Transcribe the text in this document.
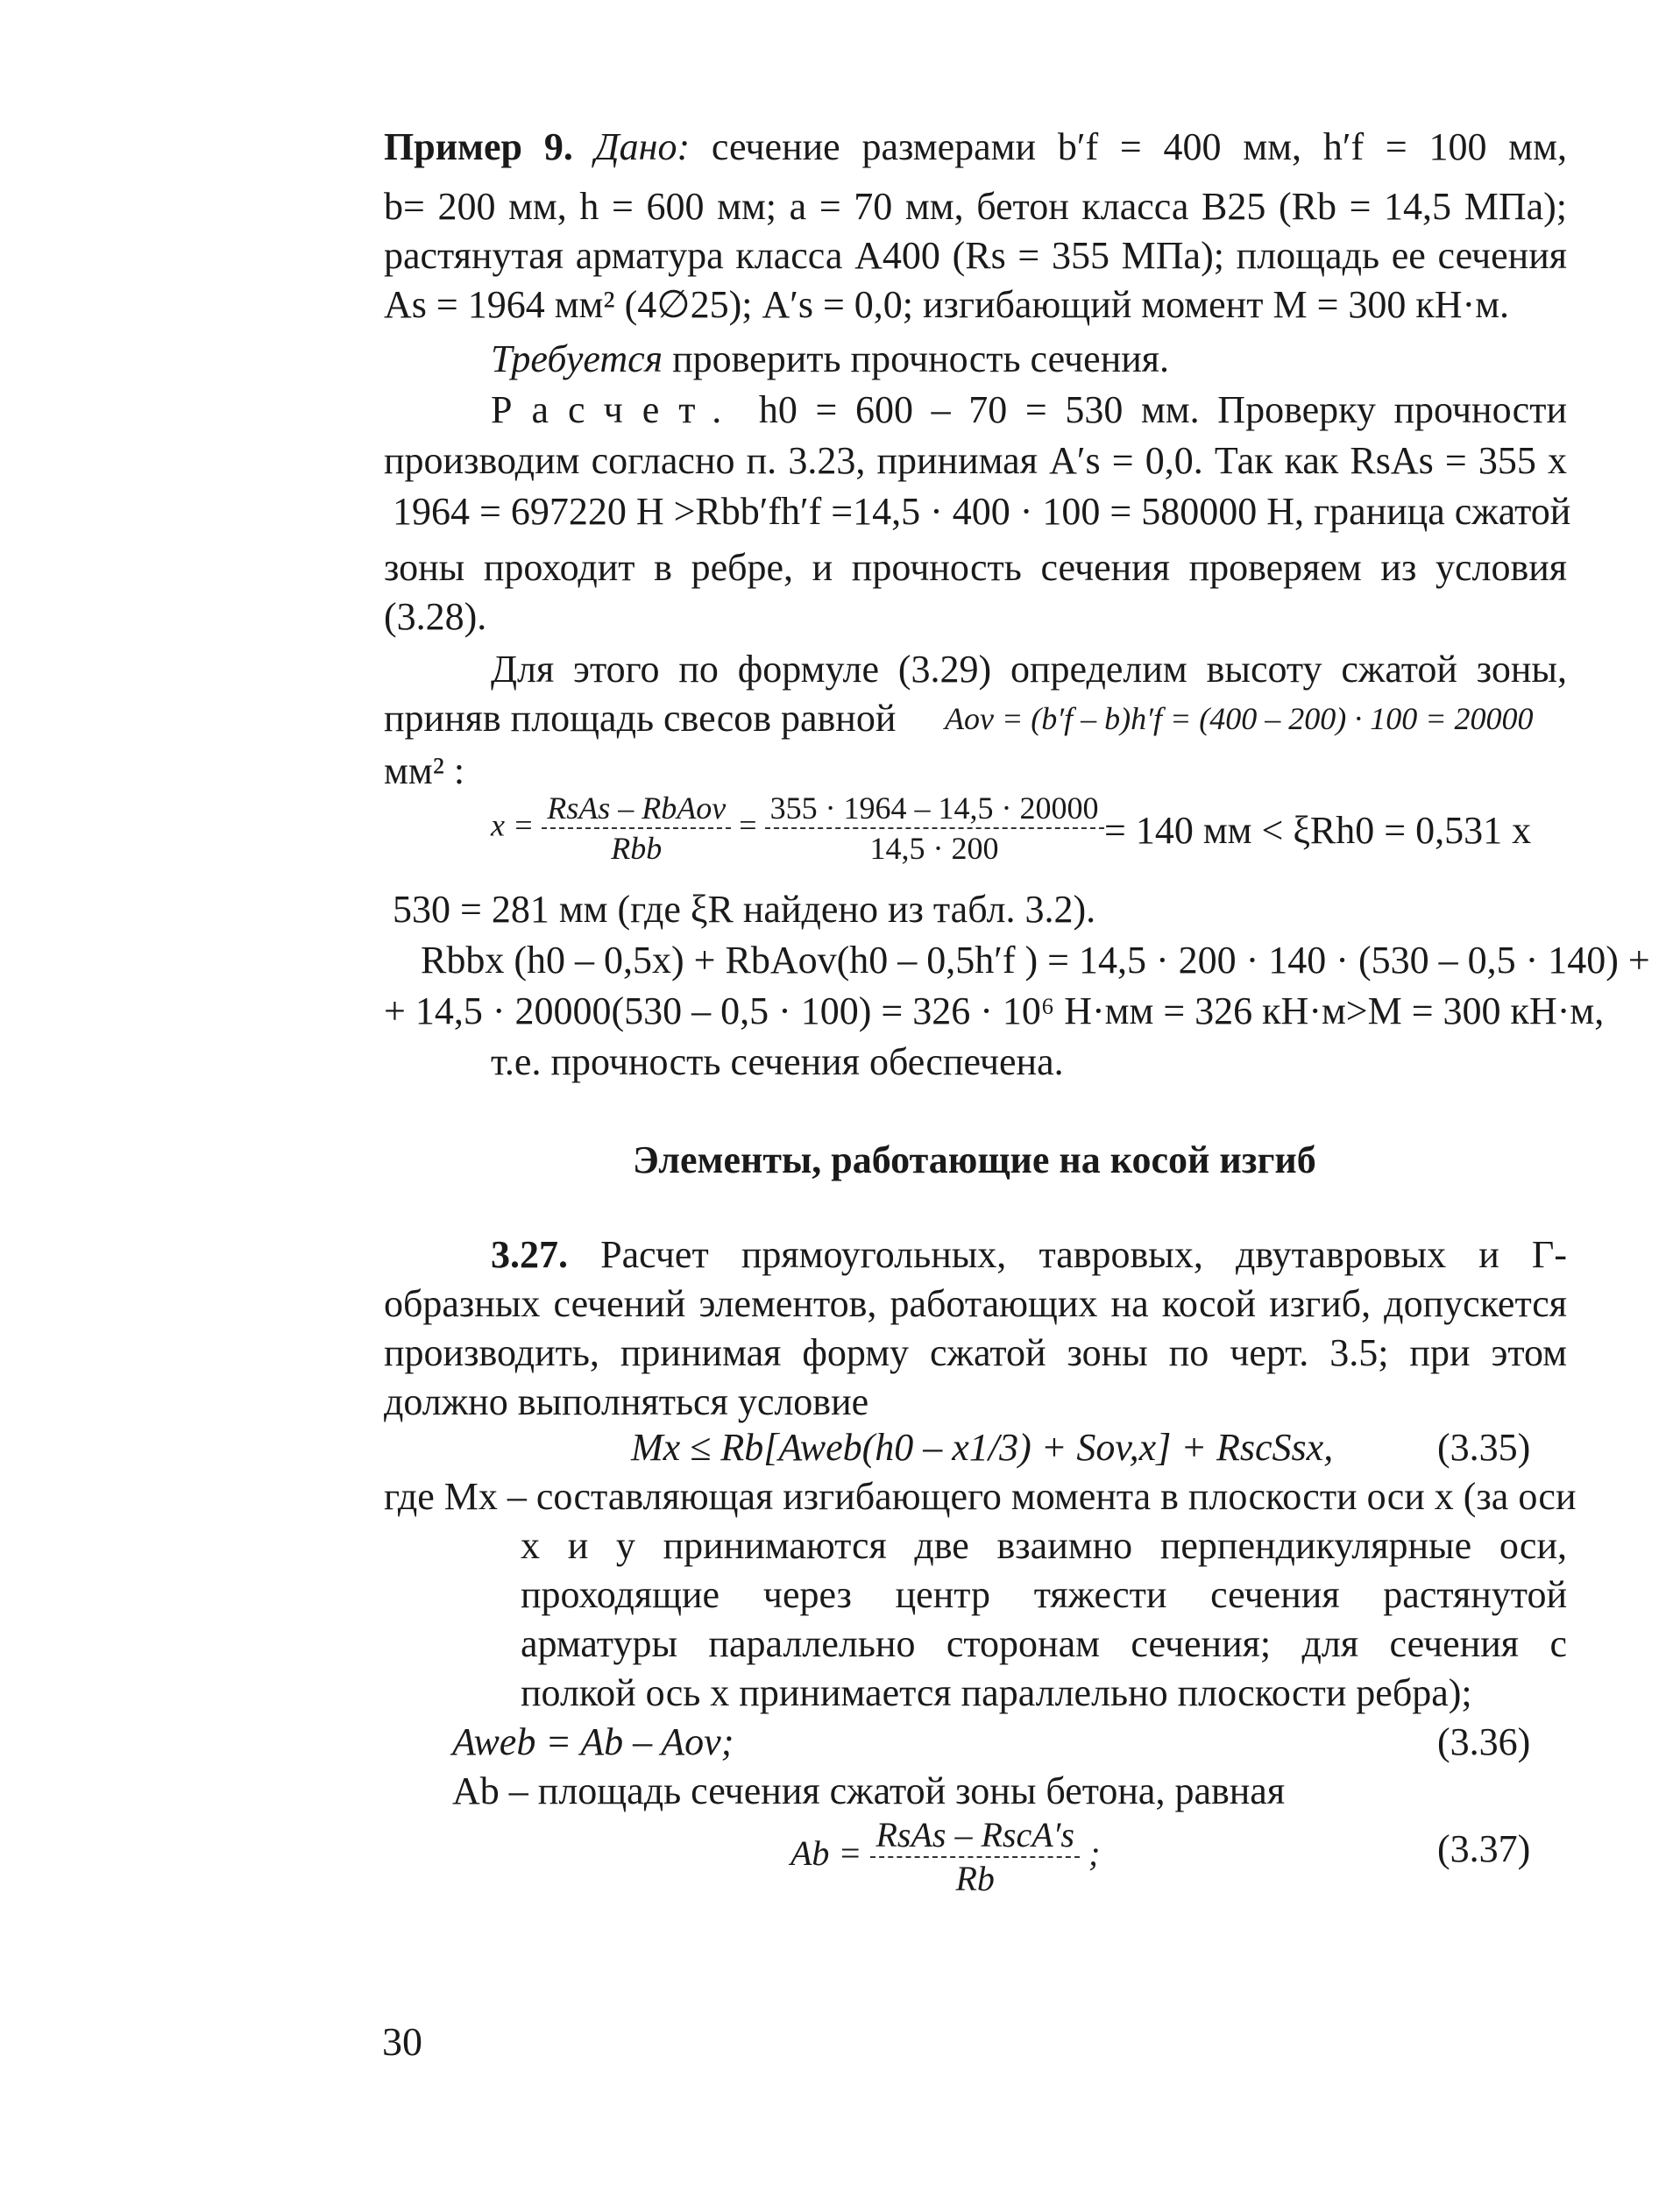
Пример 9. Дано: сечение размерами b′f = 400 мм, h′f = 100 мм,
b= 200 мм, h = 600 мм; a = 70 мм, бетон класса В25 (Rb = 14,5 МПа);
растянутая арматура класса А400 (Rs = 355 МПа); площадь ее сечения
As = 1964 мм² (4∅25); A′s = 0,0; изгибающий момент M = 300 кН·м.
Требуется проверить прочность сечения.
Расчет. h0 = 600 – 70 = 530 мм. Проверку прочности
производим согласно п. 3.23, принимая A′s = 0,0. Так как RsAs = 355 х
1964 = 697220 Н >Rbb′fh′f =14,5 · 400 · 100 = 580000 Н, граница сжатой
зоны проходит в ребре, и прочность сечения проверяем из условия
(3.28).
Для этого по формуле (3.29) определим высоту сжатой зоны,
приняв площадь свесов равной Aov = (b′f – b)h′f = (400 – 200) · 100 = 20000
мм² :
$x = \frac{\text{RsAs – RbAov}}{\text{Rbb}} = \frac{355 \cdot 1964 - 14,5 \cdot 20000}{14,5 \cdot 200} = 140$ мм < ξRh0 = 0,531 х
530 = 281 мм (где ξR найдено из табл. 3.2).
Rbbx (h0 – 0,5x) + RbAov(h0 – 0,5h′f ) = 14,5 · 200 · 140 · (530 – 0,5 · 140) +
+ 14,5 · 20000(530 – 0,5 · 100) = 326 · 10⁶ Н·мм = 326 кН·м>M = 300 кН·м,
т.е. прочность сечения обеспечена.
Элементы, работающие на косой изгиб
3.27. Расчет прямоугольных, тавровых, двутавровых и Г-
образных сечений элементов, работающих на косой изгиб, допускется
производить, принимая форму сжатой зоны по черт. 3.5; при этом
должно выполняться условие
Mx ≤ Rb[Aweb(h0 – x1/3) + Sov,x] + RscSsx,	(3.35)
где Mx – составляющая изгибающего момента в плоскости оси x (за оси
x и y принимаются две взаимно перпендикулярные оси,
проходящие через центр тяжести сечения растянутой
арматуры параллельно сторонам сечения; для сечения с
полкой ось x принимается параллельно плоскости ребра);
Aweb = Ab – Aov;	(3.36)
Ab – площадь сечения сжатой зоны бетона, равная
$Ab = \frac{\text{RsAs – RscA′s}}{Rb}$ ;	(3.37)
30
